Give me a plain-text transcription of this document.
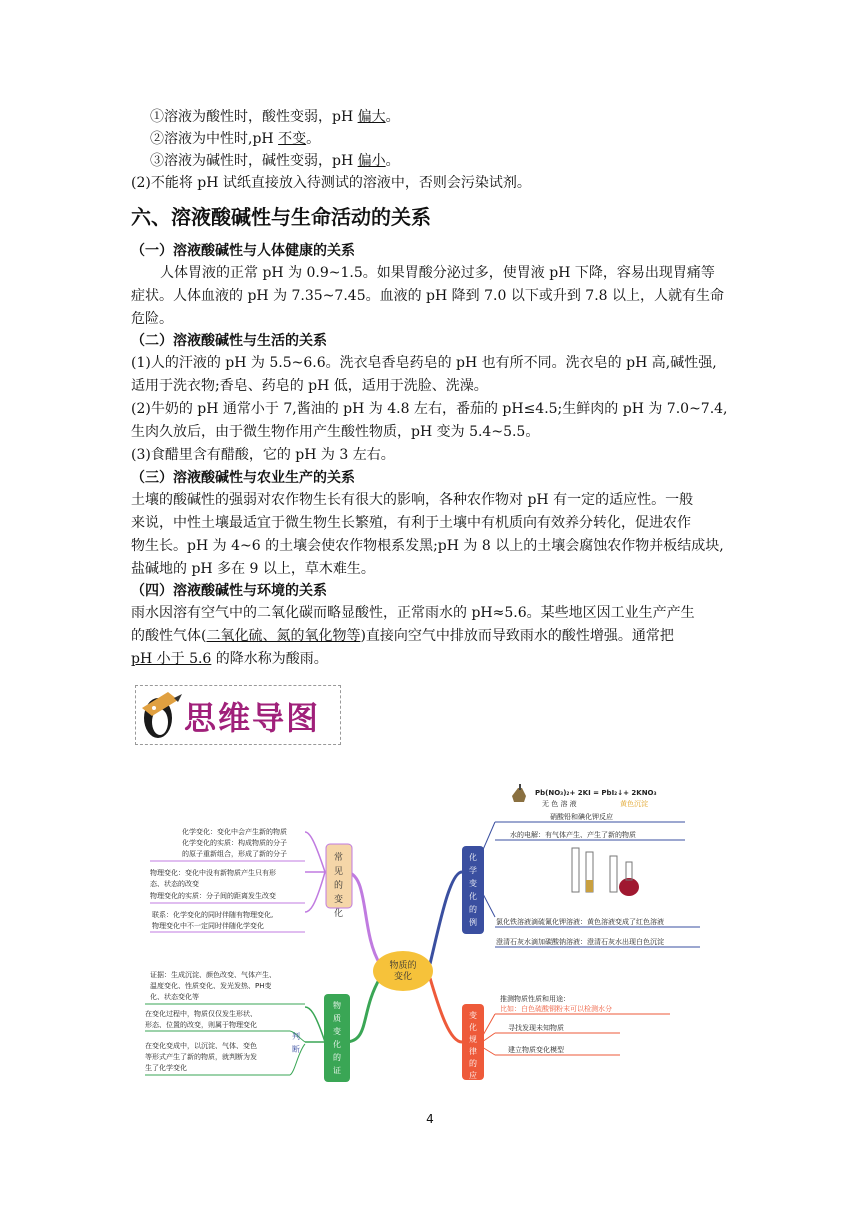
①溶液为酸性时，酸性变弱，pH 偏大。
②溶液为中性时,pH 不变。
③溶液为碱性时，碱性变弱，pH 偏小。
(2)不能将 pH 试纸直接放入待测试的溶液中，否则会污染试剂。
六、溶液酸碱性与生命活动的关系
（一）溶液酸碱性与人体健康的关系
人体胃液的正常 pH 为 0.9~1.5。如果胃酸分泌过多，使胃液 pH 下降，容易出现胃痛等
症状。人体血液的 pH 为 7.35~7.45。血液的 pH 降到 7.0 以下或升到 7.8 以上，人就有生命
危险。
（二）溶液酸碱性与生活的关系
(1)人的汗液的 pH 为 5.5~6.6。洗衣皂香皂药皂的 pH 也有所不同。洗衣皂的 pH 高,碱性强,
适用于洗衣物;香皂、药皂的 pH 低，适用于洗脸、洗澡。
(2)牛奶的 pH 通常小于 7,酱油的 pH 为 4.8 左右，番茄的 pH≤4.5;生鲜肉的 pH 为 7.0~7.4,
生肉久放后，由于微生物作用产生酸性物质，pH 变为 5.4~5.5。
(3)食醋里含有醋酸，它的 pH 为 3 左右。
（三）溶液酸碱性与农业生产的关系
土壤的酸碱性的强弱对农作物生长有很大的影响，各种农作物对 pH 有一定的适应性。一般
来说，中性土壤最适宜于微生物生长繁殖，有利于土壤中有机质向有效养分转化，促进农作
物生长。pH 为 4~6 的土壤会使农作物根系发黑;pH 为 8 以上的土壤会腐蚀农作物并板结成块,
盐碱地的 pH 多在 9 以上，草木难生。
（四）溶液酸碱性与环境的关系
雨水因溶有空气中的二氧化碳而略显酸性，正常雨水的 pH≈5.6。某些地区因工业生产产生
的酸性气体(二氧化硫、氮的氧化物等)直接向空气中排放而导致雨水的酸性增强。通常把
pH 小于 5.6 的降水称为酸雨。
思维导图
物质的变化
常见的变化
物质变化的证
判断
化学变化的例
变化规律的应
化学变化：变化中会产生新的物质 化学变化的实质：构成物质的分子 的原子重新组合，形成了新的分子
物理变化：变化中没有新物质产生只有形 态、状态的改变 物理变化的实质：分子间的距离发生改变
联系：化学变化的同时伴随有物理变化, 物理变化中不一定同时伴随化学变化
证据：生成沉淀、颜色改变、气体产生、 温度变化、性质变化、发光发热、PH变 化、状态变化等
在变化过程中，物质仅仅发生形状、 形态、位置的改变，则属于物理变化
在变化变成中，以沉淀、气体、变色 等形式产生了新的物质，就判断为发 生了化学变化
Pb(NO₃)₂+ 2KI = PbI₂↓+ 2KNO₃
无 色 溶 液	黄色沉淀
硝酸铅和碘化钾反应
水的电解：有气体产生、产生了新的物质
氯化铁溶液滴硫氰化钾溶液：黄色溶液变成了红色溶液
澄清石灰水滴加碳酸钠溶液：澄清石灰水出现白色沉淀
推测物质性质和用途：
比如：白色硫酸铜粉末可以检测水分
寻找发现未知物质
建立物质变化模型
4
